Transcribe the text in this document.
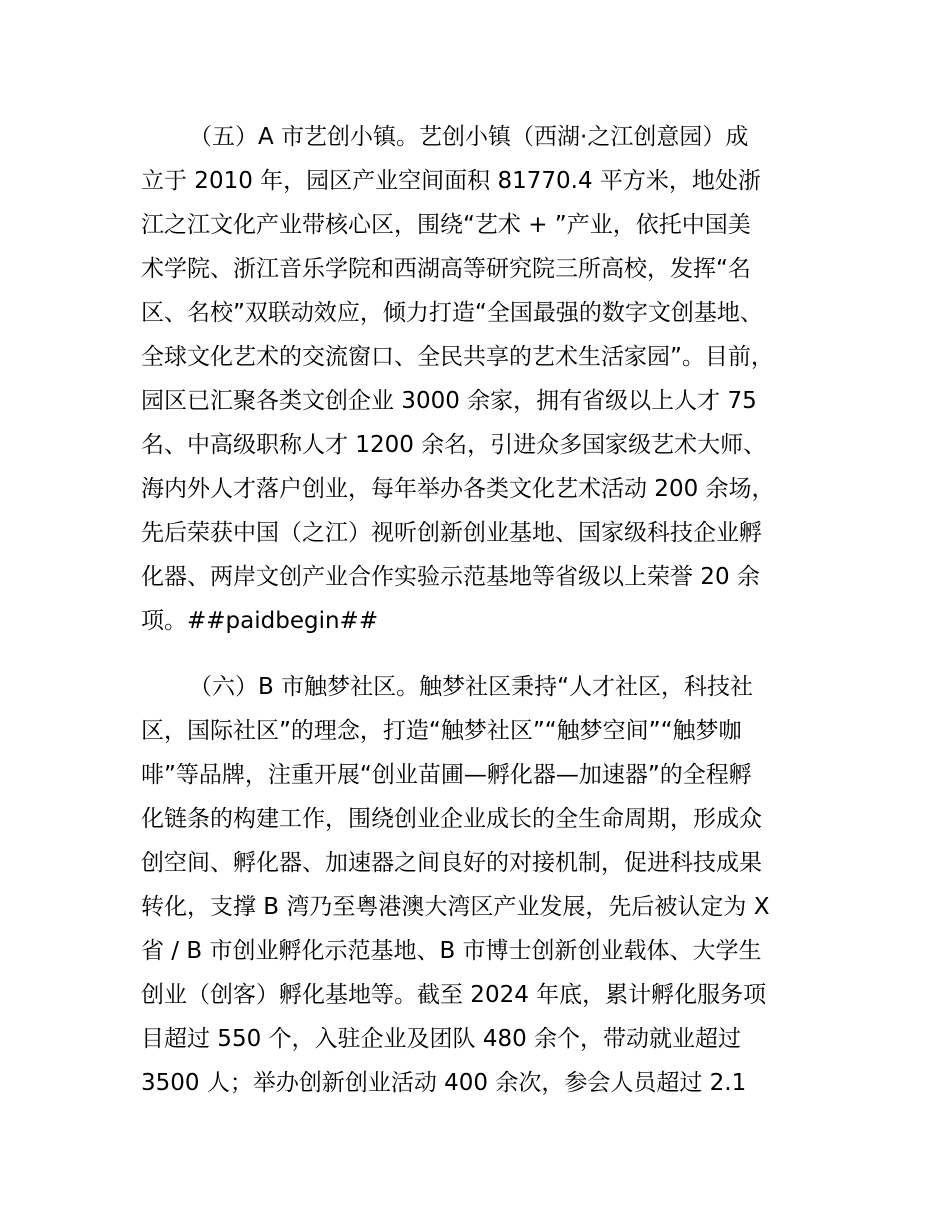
（五）A 市艺创小镇。艺创小镇（西湖·之江创意园）成
立于 2010 年，园区产业空间面积 81770.4 平方米，地处浙
江之江文化产业带核心区，围绕“艺术 + ”产业，依托中国美
术学院、浙江音乐学院和西湖高等研究院三所高校，发挥“名
区、名校”双联动效应，倾力打造“全国最强的数字文创基地、
全球文化艺术的交流窗口、全民共享的艺术生活家园”。目前，
园区已汇聚各类文创企业 3000 余家，拥有省级以上人才 75
名、中高级职称人才 1200 余名，引进众多国家级艺术大师、
海内外人才落户创业，每年举办各类文化艺术活动 200 余场，
先后荣获中国（之江）视听创新创业基地、国家级科技企业孵
化器、两岸文创产业合作实验示范基地等省级以上荣誉 20 余
项。##paidbegin##
（六）B 市触梦社区。触梦社区秉持“人才社区，科技社
区，国际社区”的理念，打造“触梦社区”“触梦空间”“触梦咖
啡”等品牌，注重开展“创业苗圃—孵化器—加速器”的全程孵
化链条的构建工作，围绕创业企业成长的全生命周期，形成众
创空间、孵化器、加速器之间良好的对接机制，促进科技成果
转化，支撑 B 湾乃至粤港澳大湾区产业发展，先后被认定为 X
省 / B 市创业孵化示范基地、B 市博士创新创业载体、大学生
创业（创客）孵化基地等。截至 2024 年底，累计孵化服务项
目超过 550 个，入驻企业及团队 480 余个，带动就业超过
3500 人；举办创新创业活动 400 余次，参会人员超过 2.1
